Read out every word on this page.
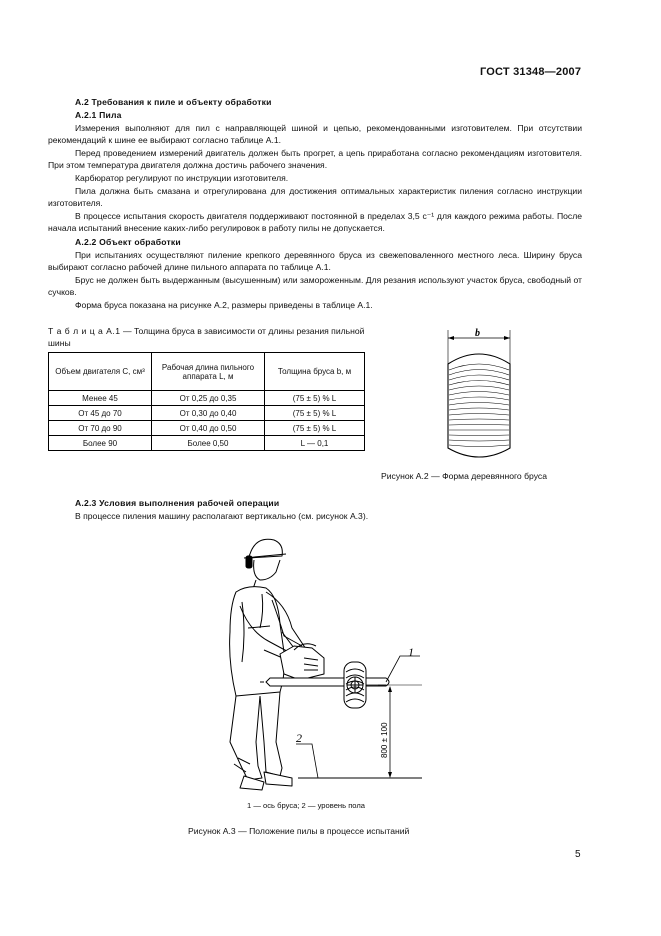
ГОСТ 31348—2007
А.2 Требования к пиле и объекту обработки
А.2.1 Пила
Измерения выполняют для пил с направляющей шиной и цепью, рекомендованными изготовителем. При отсутствии рекомендаций к шине ее выбирают согласно таблице А.1.
Перед проведением измерений двигатель должен быть прогрет, а цепь приработана согласно рекомендациям изготовителя. При этом температура двигателя должна достичь рабочего значения.
Карбюратор регулируют по инструкции изготовителя.
Пила должна быть смазана и отрегулирована для достижения оптимальных характеристик пиления согласно инструкции изготовителя.
В процессе испытания скорость двигателя поддерживают постоянной в пределах 3,5 с⁻¹ для каждого режима работы. После начала испытаний внесение каких-либо регулировок в работу пилы не допускается.
А.2.2 Объект обработки
При испытаниях осуществляют пиление крепкого деревянного бруса из свежеповаленного местного леса. Ширину бруса выбирают согласно рабочей длине пильного аппарата по таблице А.1.
Брус не должен быть выдержанным (высушенным) или замороженным. Для резания используют участок бруса, свободный от сучков.
Форма бруса показана на рисунке А.2, размеры приведены в таблице А.1.
Т а б л и ц а А.1 — Толщина бруса в зависимости от длины резания пильной шины
Объем двигателя C, см³	Рабочая длина пильного аппарата L, м	Толщина бруса b, м
Менее 45	От 0,25 до 0,35	(75 ± 5) % L
От 45 до 70	От 0,30 до 0,40	(75 ± 5) % L
От 70 до 90	От 0,40 до 0,50	(75 ± 5) % L
Более 90	Более 0,50	L — 0,1
b
Рисунок А.2 — Форма деревянного бруса
А.2.3 Условия выполнения рабочей операции
В процессе пиления машину располагают вертикально (см. рисунок А.3).
1
2	800 ± 100
1 — ось бруса; 2 — уровень пола
Рисунок А.3 — Положение пилы в процессе испытаний
5
